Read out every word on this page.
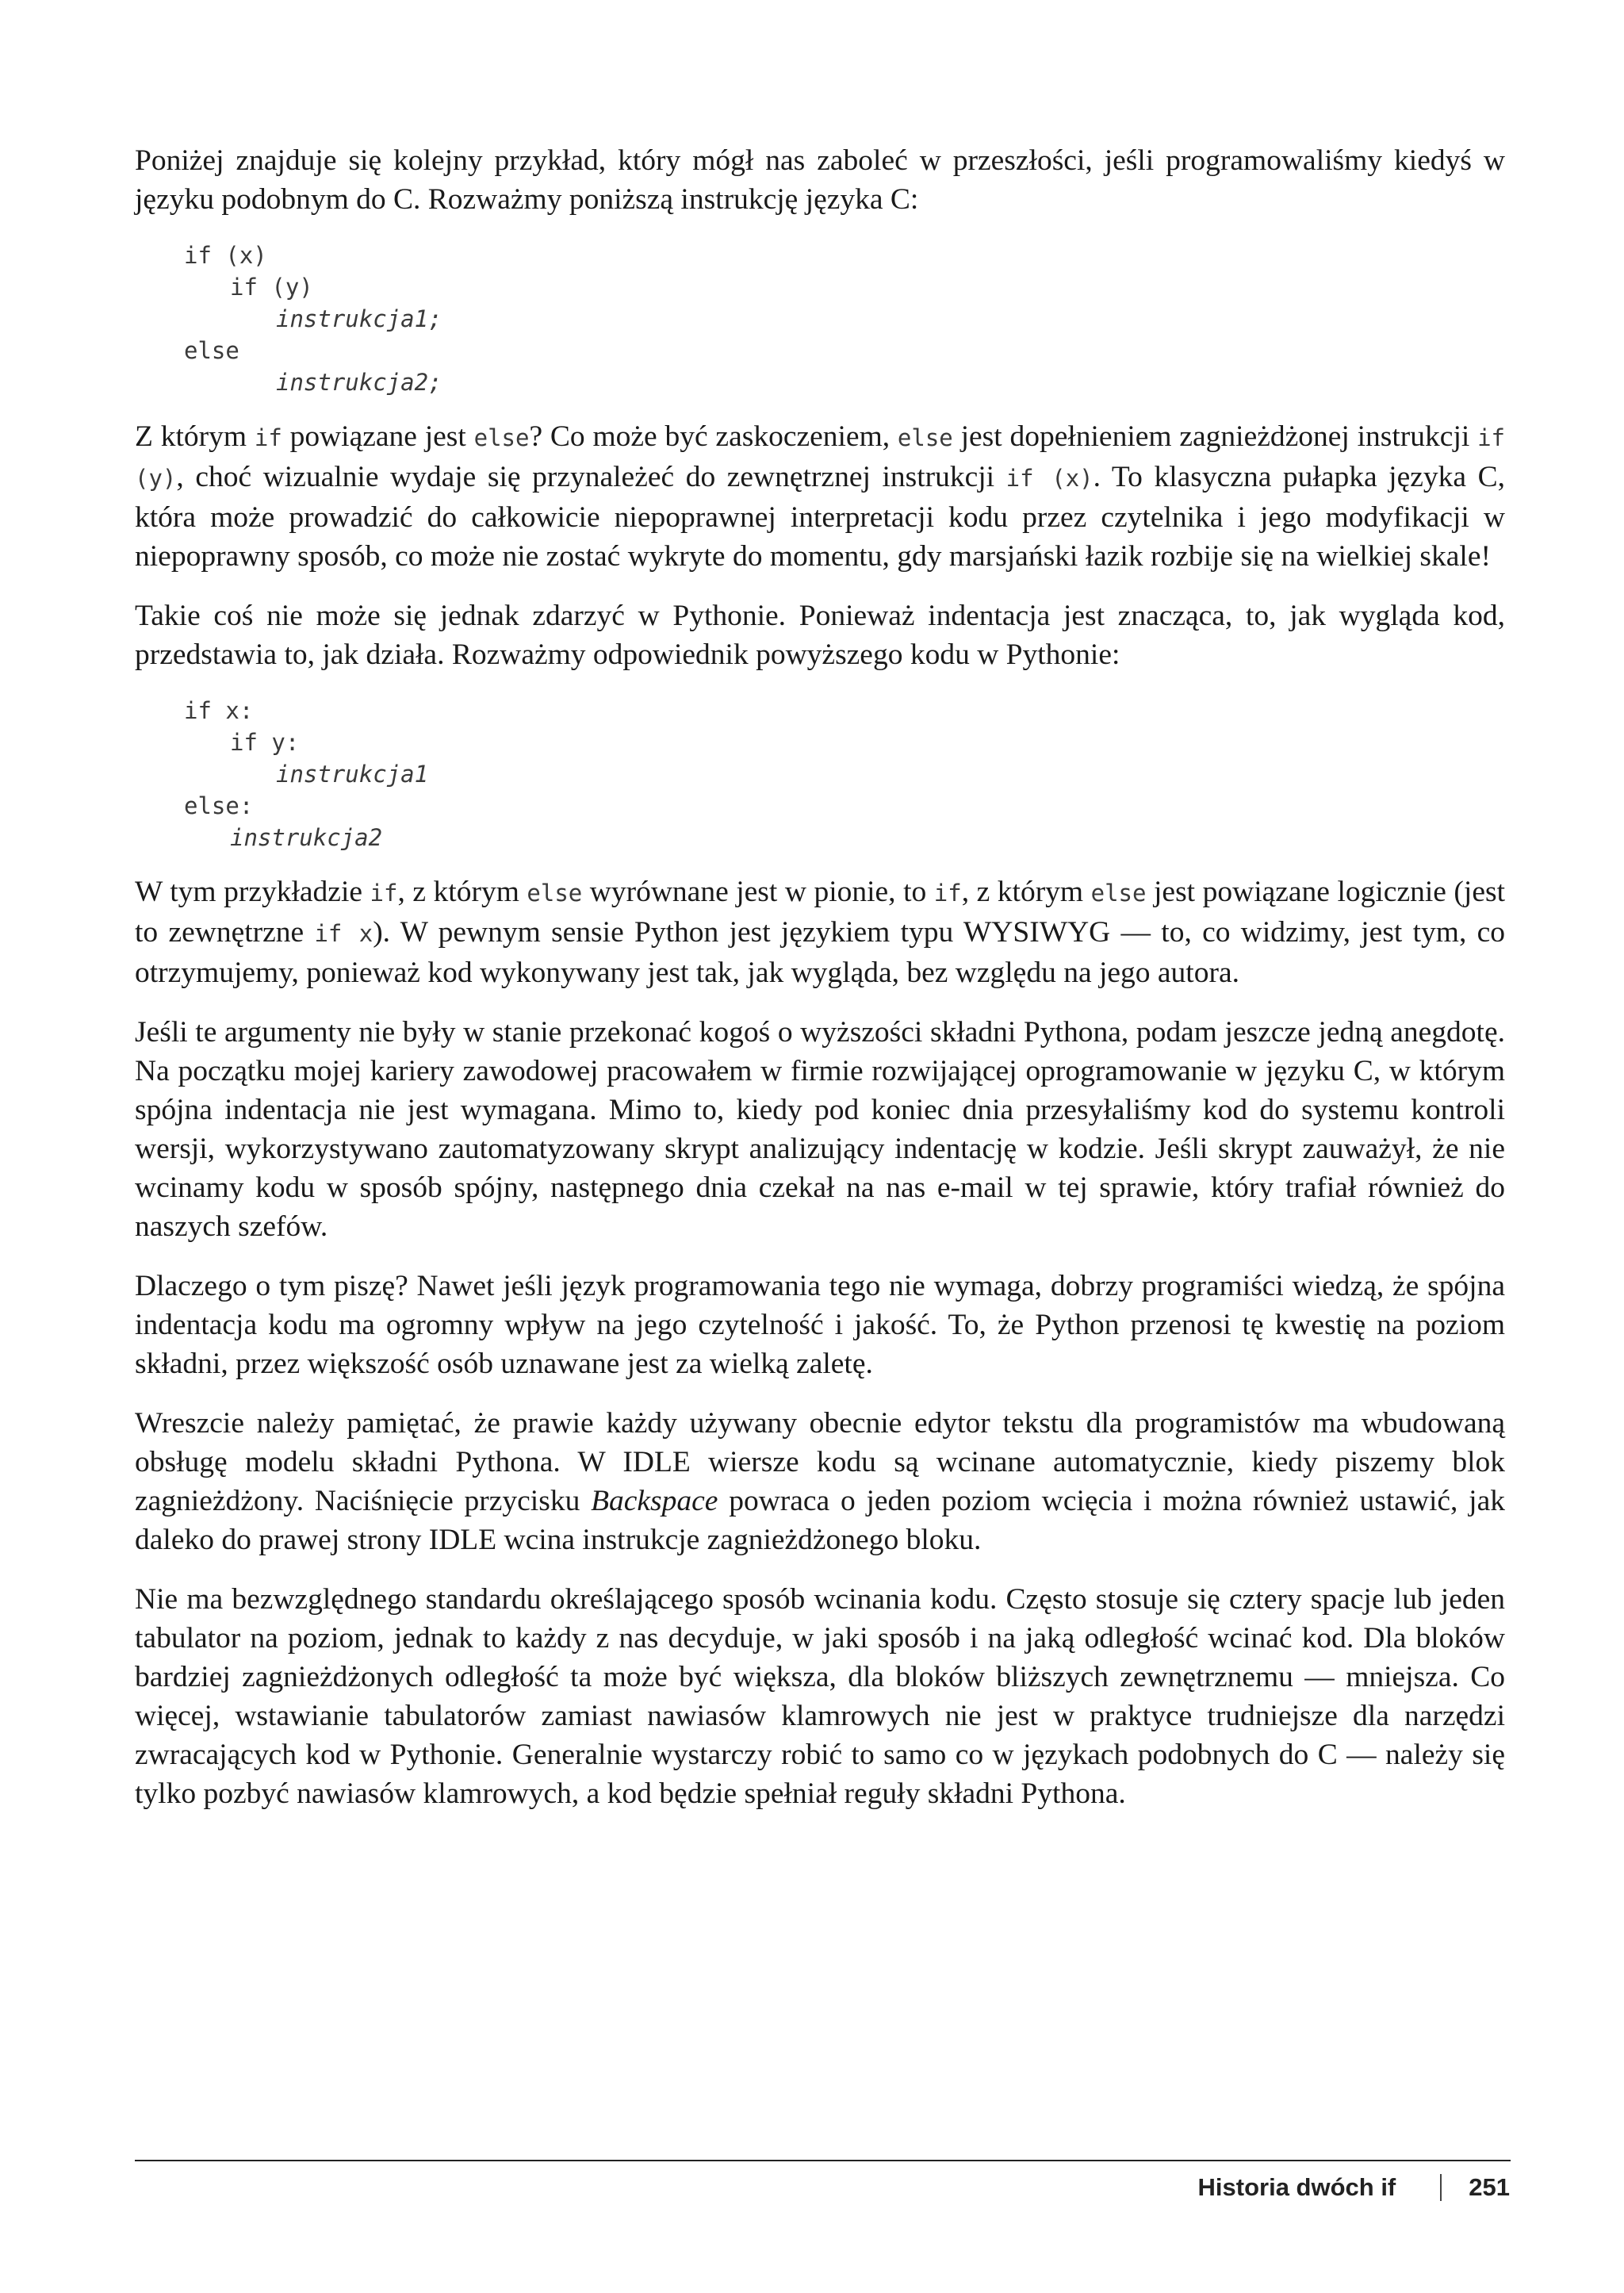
Poniżej znajduje się kolejny przykład, który mógł nas zaboleć w przeszłości, jeśli programowaliśmy kiedyś w języku podobnym do C. Rozważmy poniższą instrukcję języka C:

if (x)
if (y)
instrukcja1;
else
instrukcja2;

Z którym if powiązane jest else? Co może być zaskoczeniem, else jest dopełnieniem zagnieżdżonej instrukcji if (y), choć wizualnie wydaje się przynależeć do zewnętrznej instrukcji if (x). To klasyczna pułapka języka C, która może prowadzić do całkowicie niepoprawnej interpretacji kodu przez czytelnika i jego modyfikacji w niepoprawny sposób, co może nie zostać wykryte do momentu, gdy marsjański łazik rozbije się na wielkiej skale!

Takie coś nie może się jednak zdarzyć w Pythonie. Ponieważ indentacja jest znacząca, to, jak wygląda kod, przedstawia to, jak działa. Rozważmy odpowiednik powyższego kodu w Pythonie:

if x:
if y:
instrukcja1
else:
instrukcja2

W tym przykładzie if, z którym else wyrównane jest w pionie, to if, z którym else jest powiązane logicznie (jest to zewnętrzne if x). W pewnym sensie Python jest językiem typu WYSIWYG — to, co widzimy, jest tym, co otrzymujemy, ponieważ kod wykonywany jest tak, jak wygląda, bez względu na jego autora.

Jeśli te argumenty nie były w stanie przekonać kogoś o wyższości składni Pythona, podam jeszcze jedną anegdotę. Na początku mojej kariery zawodowej pracowałem w firmie rozwijającej oprogramowanie w języku C, w którym spójna indentacja nie jest wymagana. Mimo to, kiedy pod koniec dnia przesyłaliśmy kod do systemu kontroli wersji, wykorzystywano zautomatyzowany skrypt analizujący indentację w kodzie. Jeśli skrypt zauważył, że nie wcinamy kodu w sposób spójny, następnego dnia czekał na nas e-mail w tej sprawie, który trafiał również do naszych szefów.

Dlaczego o tym piszę? Nawet jeśli język programowania tego nie wymaga, dobrzy programiści wiedzą, że spójna indentacja kodu ma ogromny wpływ na jego czytelność i jakość. To, że Python przenosi tę kwestię na poziom składni, przez większość osób uznawane jest za wielką zaletę.

Wreszcie należy pamiętać, że prawie każdy używany obecnie edytor tekstu dla programistów ma wbudowaną obsługę modelu składni Pythona. W IDLE wiersze kodu są wcinane automatycznie, kiedy piszemy blok zagnieżdżony. Naciśnięcie przycisku Backspace powraca o jeden poziom wcięcia i można również ustawić, jak daleko do prawej strony IDLE wcina instrukcje zagnieżdżonego bloku.

Nie ma bezwzględnego standardu określającego sposób wcinania kodu. Często stosuje się cztery spacje lub jeden tabulator na poziom, jednak to każdy z nas decyduje, w jaki sposób i na jaką odległość wcinać kod. Dla bloków bardziej zagnieżdżonych odległość ta może być większa, dla bloków bliższych zewnętrznemu — mniejsza. Co więcej, wstawianie tabulatorów zamiast nawiasów klamrowych nie jest w praktyce trudniejsze dla narzędzi zwracających kod w Pythonie. Generalnie wystarczy robić to samo co w językach podobnych do C — należy się tylko pozbyć nawiasów klamrowych, a kod będzie spełniał reguły składni Pythona.

Historia dwóch if	251
